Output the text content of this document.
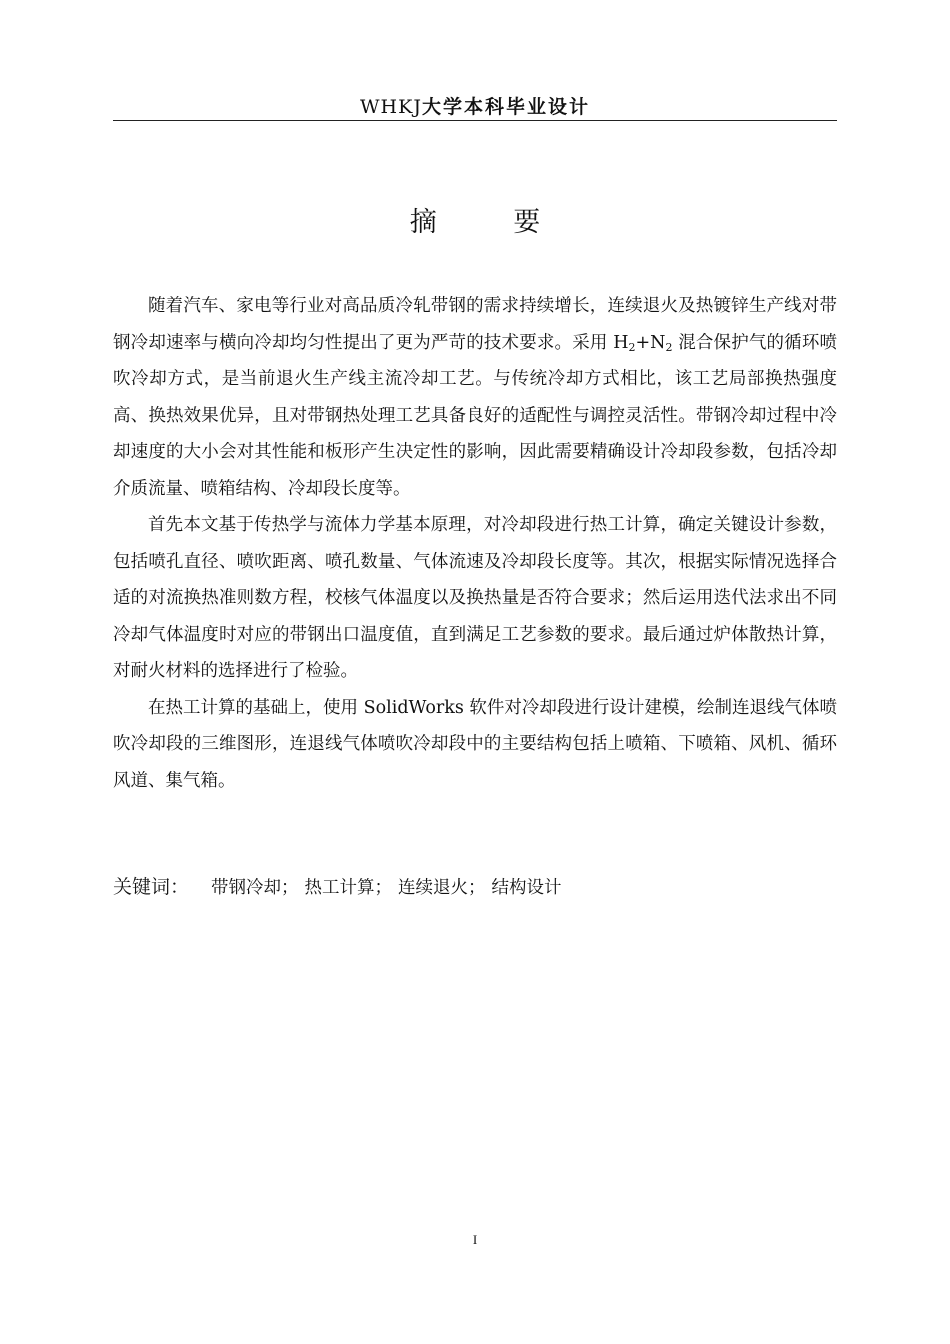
WHKJ大学本科毕业设计
摘 要

随着汽车、家电等行业对高品质冷轧带钢的需求持续增长，连续退火及热镀锌生产线对带钢冷却速率与横向冷却均匀性提出了更为严苛的技术要求。采用 $H_2+N_2$ 混合保护气的循环喷吹冷却方式，是当前退火生产线主流冷却工艺。与传统冷却方式相比，该工艺局部换热强度高、换热效果优异，且对带钢热处理工艺具备良好的适配性与调控灵活性。带钢冷却过程中冷却速度的大小会对其性能和板形产生决定性的影响，因此需要精确设计冷却段参数，包括冷却介质流量、喷箱结构、冷却段长度等。

首先本文基于传热学与流体力学基本原理，对冷却段进行热工计算，确定关键设计参数，包括喷孔直径、喷吹距离、喷孔数量、气体流速及冷却段长度等。其次，根据实际情况选择合适的对流换热准则数方程，校核气体温度以及换热量是否符合要求；然后运用迭代法求出不同冷却气体温度时对应的带钢出口温度值，直到满足工艺参数的要求。最后通过炉体散热计算，对耐火材料的选择进行了检验。

在热工计算的基础上，使用 SolidWorks 软件对冷却段进行设计建模，绘制连退线气体喷吹冷却段的三维图形，连退线气体喷吹冷却段中的主要结构包括上喷箱、下喷箱、风机、循环风道、集气箱。

关键词： 带钢冷却； 热工计算； 连续退火； 结构设计
I
